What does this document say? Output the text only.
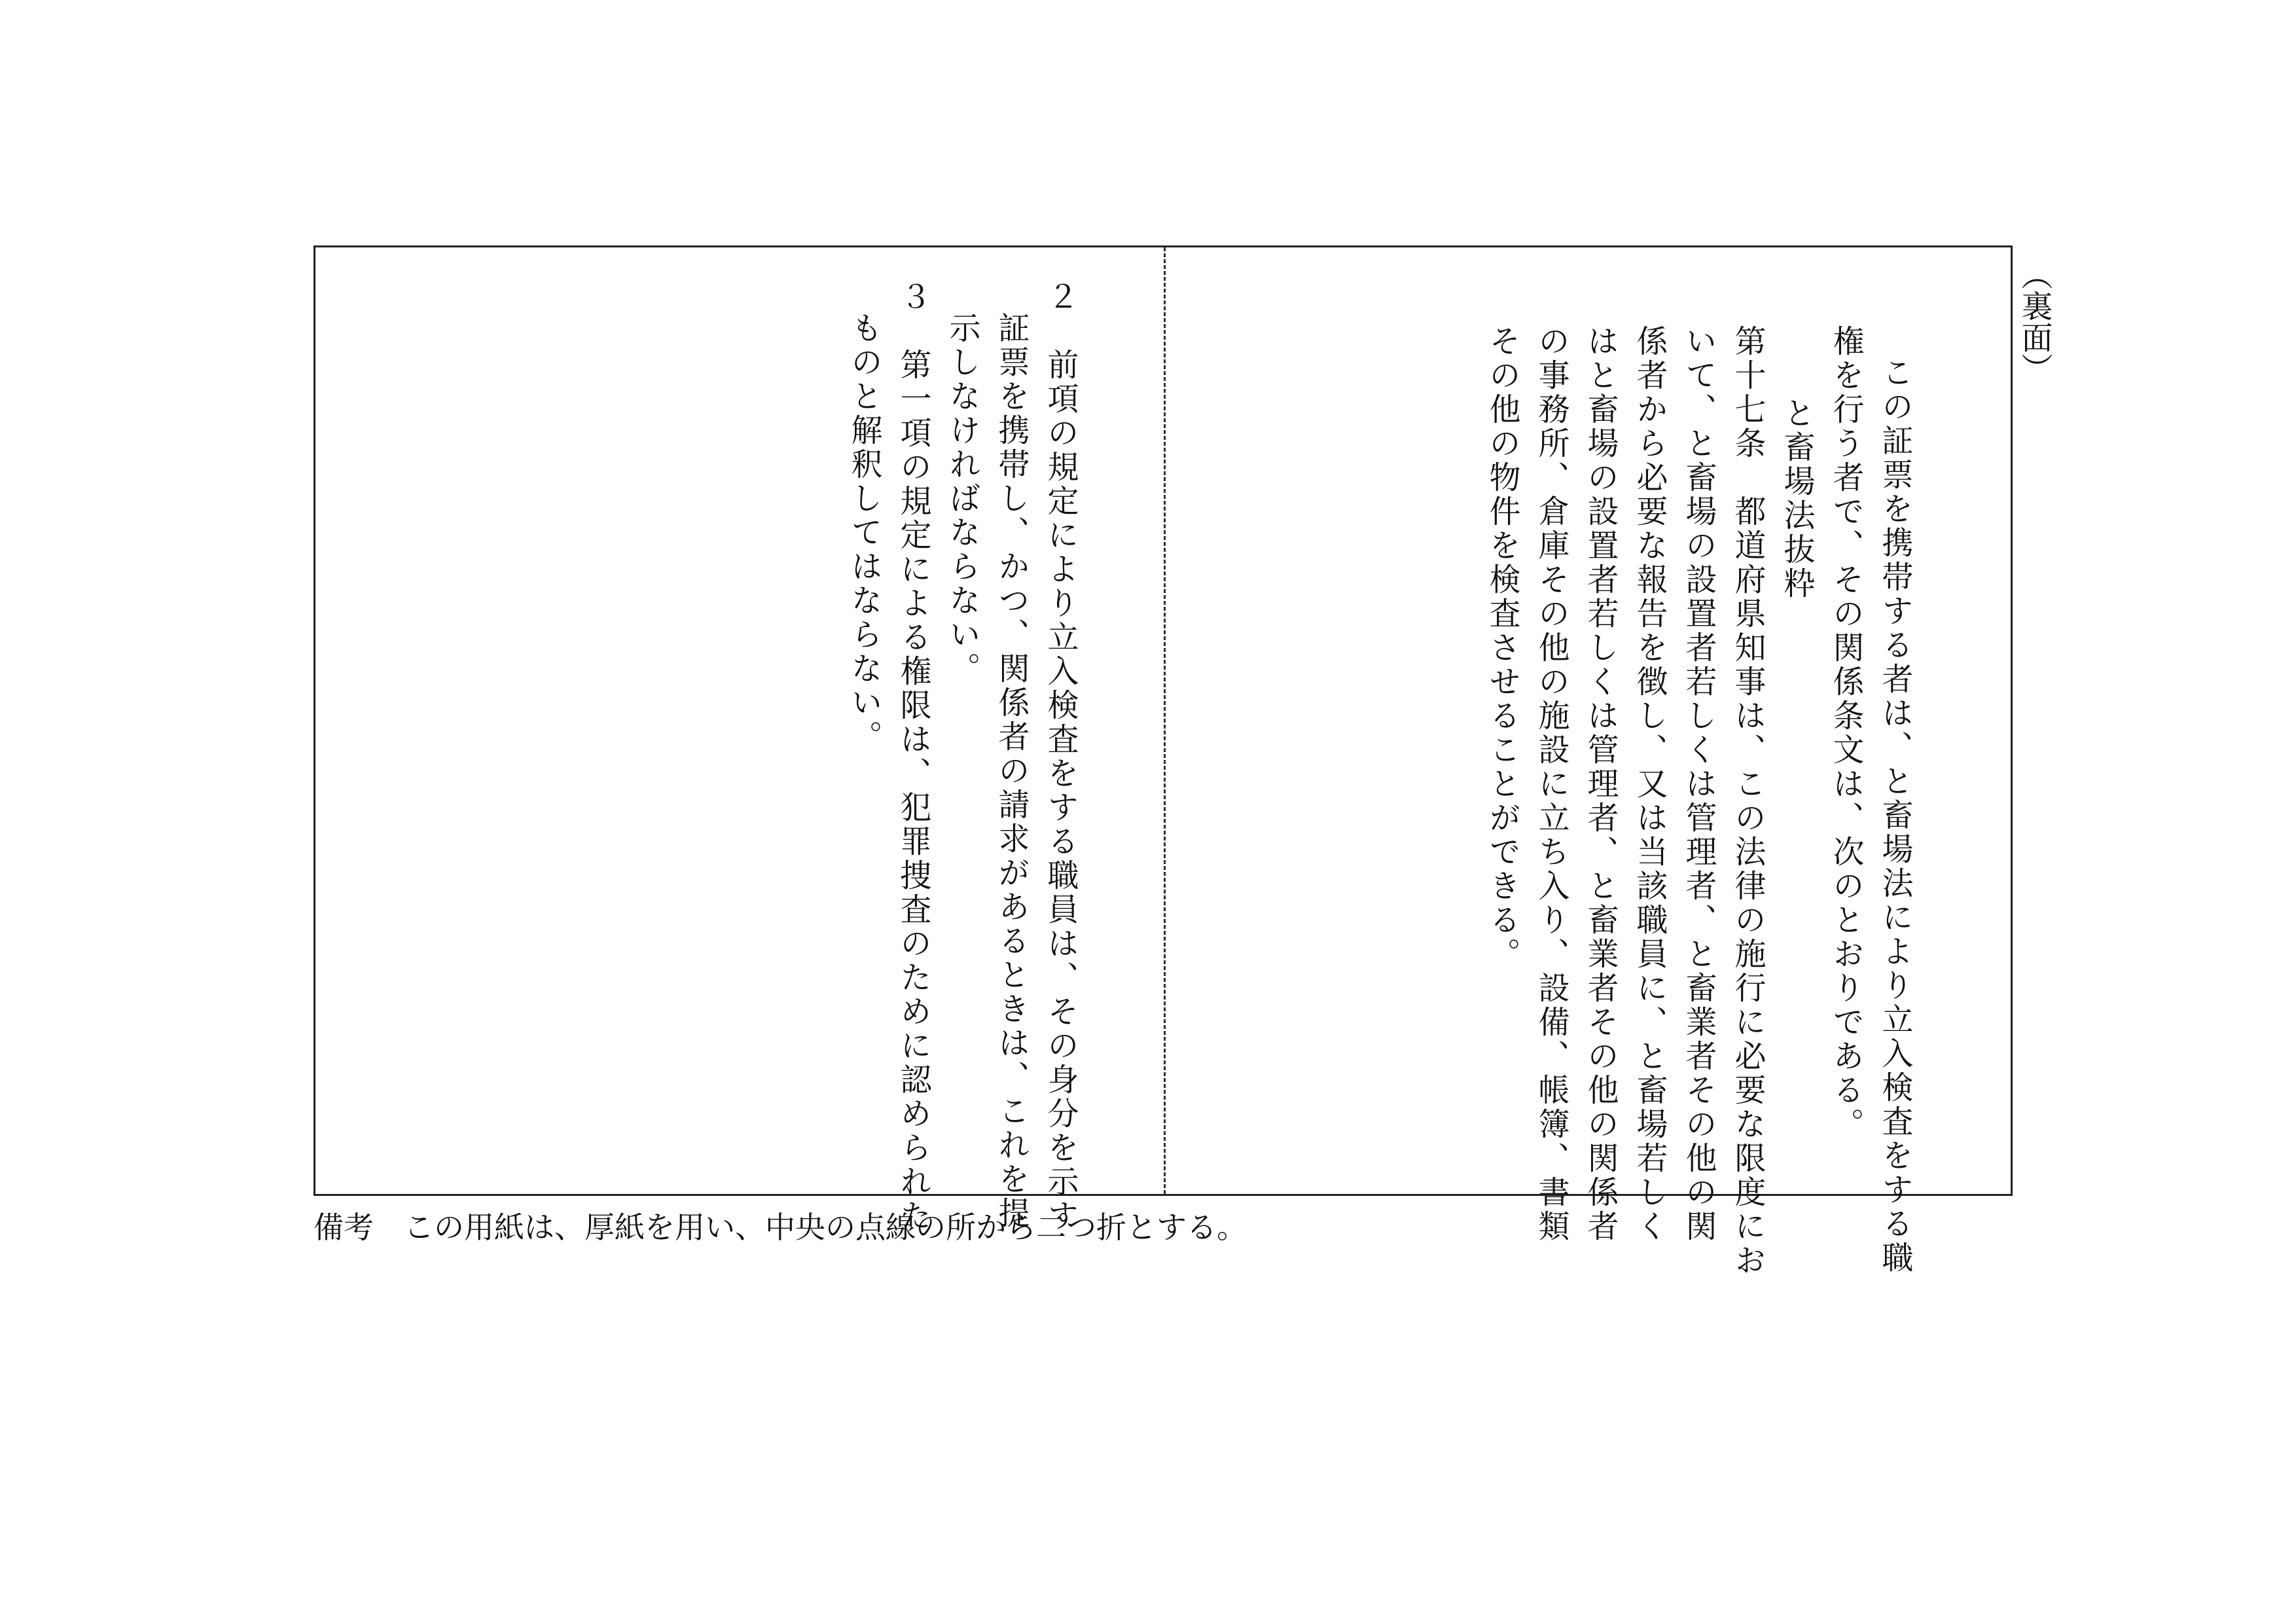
（裏面）
この証票を携帯する者は、と畜場法により立入検査をする職
権を行う者で、その関係条文は、次のとおりである。
と畜場法抜粋
第十七条　都道府県知事は、この法律の施行に必要な限度にお
いて、と畜場の設置者若しくは管理者、と畜業者その他の関
係者から必要な報告を徴し、又は当該職員に、と畜場若しく
はと畜場の設置者若しくは管理者、と畜業者その他の関係者
の事務所、倉庫その他の施設に立ち入り、設備、帳簿、書類
その他の物件を検査させることができる。
２　前項の規定により立入検査をする職員は、その身分を示す
証票を携帯し、かつ、関係者の請求があるときは、これを提
示しなければならない。
３　第一項の規定による権限は、犯罪捜査のために認められた
ものと解釈してはならない。
備考　この用紙は、厚紙を用い、中央の点線の所から二つ折とする。
